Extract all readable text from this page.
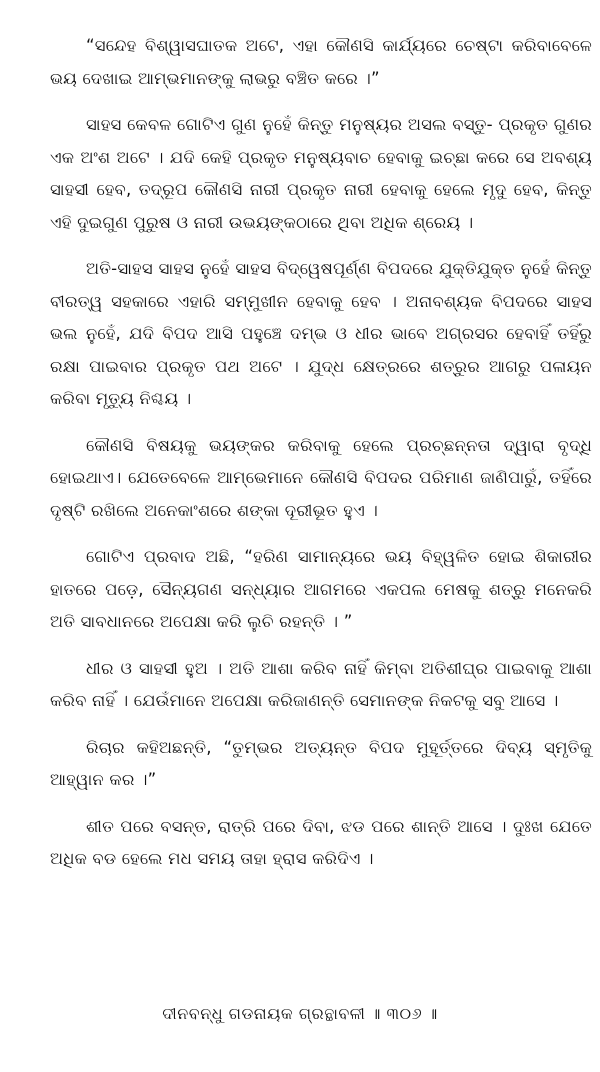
“ସନ୍ଦେହ ବିଶ୍ୱାସଘାତକ ଅଟେ, ଏହା କୌଣସି କାର୍ଯ୍ୟରେ ଚେଷ୍ଟା କରିବାବେଳେ ଭୟ ଦେଖାଇ ଆମ୍ଭମାନଙ୍କୁ ଲାଭରୁ ବଞ୍ଚିତ କରେ ।”

ସାହସ କେବଳ ଗୋଟିଏ ଗୁଣ ନୁହେଁ କିନ୍ତୁ ମନୁଷ୍ୟର ଅସଲ ବସ୍ତୁ- ପ୍ରକୃତ ଗୁଣର ଏକ ଅଂଶ ଅଟେ । ଯଦି କେହି ପ୍ରକୃତ ମନୁଷ୍ୟବାଚ ହେବାକୁ ଇଚ୍ଛା କରେ ସେ ଅବଶ୍ୟ ସାହସୀ ହେବ, ତଦ୍ରୂପ କୌଣସି ନାରୀ ପ୍ରକୃତ ନାରୀ ହେବାକୁ ହେଲେ ମୃଦୁ ହେବ, କିନ୍ତୁ ଏହି ଦୁଇଗୁଣ ପୁରୁଷ ଓ ନାରୀ ଉଭୟଙ୍କଠାରେ ଥିବା ଅଧିକ ଶ୍ରେୟ ।

ଅତି-ସାହସ ସାହସ ନୁହେଁ ସାହସ ବିଦ୍ୱେଷପୂର୍ଣ୍ଣ ବିପଦରେ ଯୁକ୍ତିଯୁକ୍ତ ନୁହେଁ କିନ୍ତୁ ବୀରତ୍ୱ ସହକାରେ ଏହାରି ସମ୍ମୁଖୀନ ହେବାକୁ ହେବ । ଅନାବଶ୍ୟକ ବିପଦରେ ସାହସ ଭଲ ନୁହେଁ, ଯଦି ବିପଦ ଆସି ପହୁଞ୍ଚେ ଦମ୍ଭ ଓ ଧୀର ଭାବେ ଅଗ୍ରସର ହେବାହିଁ ତହିଁରୁ ରକ୍ଷା ପାଇବାର ପ୍ରକୃତ ପଥ ଅଟେ । ଯୁଦ୍ଧ କ୍ଷେତ୍ରରେ ଶତ୍ରୁର ଆଗରୁ ପଳାୟନ କରିବା ମୃତ୍ୟୁ ନିଶ୍ଚୟ ।

କୌଣସି ବିଷୟକୁ ଭୟଙ୍କର କରିବାକୁ ହେଲେ ପ୍ରଚ୍ଛନ୍ନତା ଦ୍ୱାରା ବୃଦ୍ଧି ହୋଇଥାଏ। ଯେତେବେଳେ ଆମ୍ଭେମାନେ କୌଣସି ବିପଦର ପରିମାଣ ଜାଣିପାରୁଁ, ତହିଁରେ ଦୃଷ୍ଟି ରଖିଲେ ଅନେକାଂଶରେ ଶଙ୍କା ଦୂରୀଭୂତ ହୁଏ ।

ଗୋଟିଏ ପ୍ରବାଦ ଅଛି, “ହରିଣ ସାମାନ୍ୟରେ ଭୟ ବିହ୍ୱଳିତ ହୋଇ ଶିକାରୀର ହାତରେ ପଡ଼େ, ସୈନ୍ୟଗଣ ସନ୍ଧ୍ୟାର ଆଗମରେ ଏକପଲ ମେଷକୁ ଶତ୍ରୁ ମନେକରି ଅତି ସାବଧାନରେ ଅପେକ୍ଷା କରି ଲୁଚି ରହନ୍ତି । ”

ଧୀର ଓ ସାହସୀ ହୁଅ । ଅତି ଆଶା କରିବ ନାହିଁ କିମ୍ବା ଅତିଶୀଘ୍ର ପାଇବାକୁ ଆଶା କରିବ ନାହିଁ । ଯେଉଁମାନେ ଅପେକ୍ଷା କରିଜାଣନ୍ତି ସେମାନଙ୍କ ନିକଟକୁ ସବୁ ଆସେ ।

ରିଚାର କହିଅଛନ୍ତି, “ତୁମ୍ଭର ଅତ୍ୟନ୍ତ ବିପଦ ମୁହୂର୍ତ୍ତରେ ଦିବ୍ୟ ସ୍ମୃତିକୁ ଆହ୍ୱାନ କର ।”

ଶୀତ ପରେ ବସନ୍ତ, ରାତ୍ରି ପରେ ଦିବା, ଝଡ ପରେ ଶାନ୍ତି ଆସେ । ଦୁଃଖ ଯେତେ ଅଧିକ ବଡ ହେଲେ ମଧ ସମୟ ତାହା ହ୍ରାସ କରିଦିଏ ।

ଦୀନବନ୍ଧୁ ଗଡନାୟକ ଗ୍ରନ୍ଥାବଳୀ ॥ ୩୦୬ ॥
